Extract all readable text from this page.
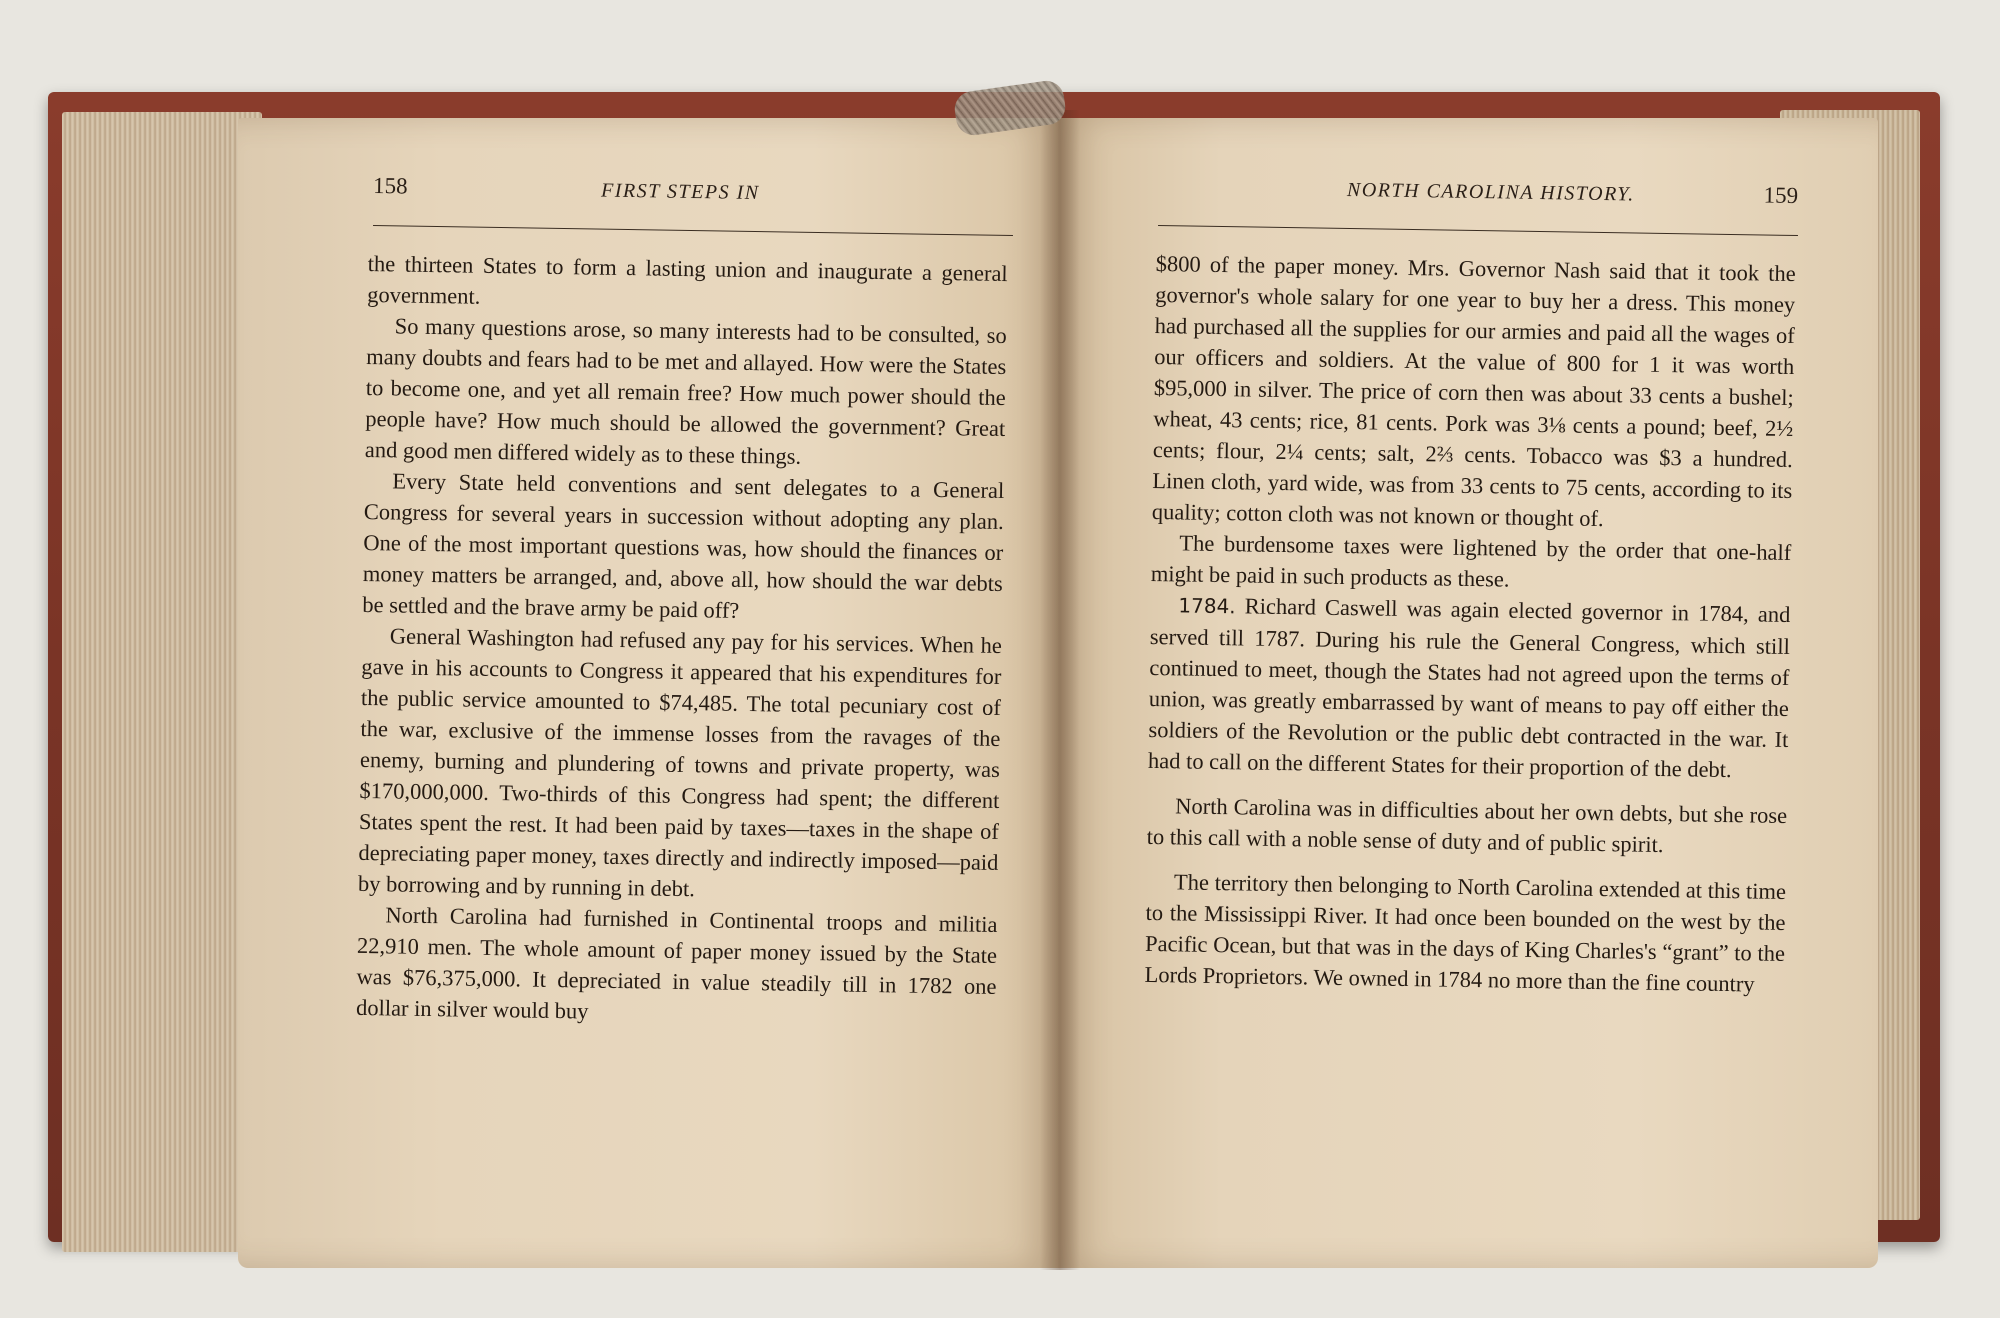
158	FIRST STEPS IN

the thirteen States to form a lasting union and inaugurate a general government.

So many questions arose, so many interests had to be consulted, so many doubts and fears had to be met and allayed. How were the States to become one, and yet all remain free? How much power should the people have? How much should be allowed the government? Great and good men differed widely as to these things.

Every State held conventions and sent delegates to a General Congress for several years in succession without adopting any plan. One of the most important questions was, how should the finances or money matters be arranged, and, above all, how should the war debts be settled and the brave army be paid off?

General Washington had refused any pay for his services. When he gave in his accounts to Congress it appeared that his expenditures for the public service amounted to $74,485. The total pecuniary cost of the war, exclusive of the immense losses from the ravages of the enemy, burning and plundering of towns and private property, was $170,000,000. Two-thirds of this Congress had spent; the different States spent the rest. It had been paid by taxes—taxes in the shape of depreciating paper money, taxes directly and indirectly imposed—paid by borrowing and by running in debt.

North Carolina had furnished in Continental troops and militia 22,910 men. The whole amount of paper money issued by the State was $76,375,000. It depreciated in value steadily till in 1782 one dollar in silver would buy

NORTH CAROLINA HISTORY.	159

$800 of the paper money. Mrs. Governor Nash said that it took the governor's whole salary for one year to buy her a dress. This money had purchased all the supplies for our armies and paid all the wages of our officers and soldiers. At the value of 800 for 1 it was worth $95,000 in silver. The price of corn then was about 33 cents a bushel; wheat, 43 cents; rice, 81 cents. Pork was 3⅛ cents a pound; beef, 2½ cents; flour, 2¼ cents; salt, 2⅔ cents. Tobacco was $3 a hundred. Linen cloth, yard wide, was from 33 cents to 75 cents, according to its quality; cotton cloth was not known or thought of.

The burdensome taxes were lightened by the order that one-half might be paid in such products as these.

1784. Richard Caswell was again elected governor in 1784, and served till 1787. During his rule the General Congress, which still continued to meet, though the States had not agreed upon the terms of union, was greatly embarrassed by want of means to pay off either the soldiers of the Revolution or the public debt contracted in the war. It had to call on the different States for their proportion of the debt.

North Carolina was in difficulties about her own debts, but she rose to this call with a noble sense of duty and of public spirit.

The territory then belonging to North Carolina extended at this time to the Mississippi River. It had once been bounded on the west by the Pacific Ocean, but that was in the days of King Charles's “grant” to the Lords Proprietors. We owned in 1784 no more than the fine country
